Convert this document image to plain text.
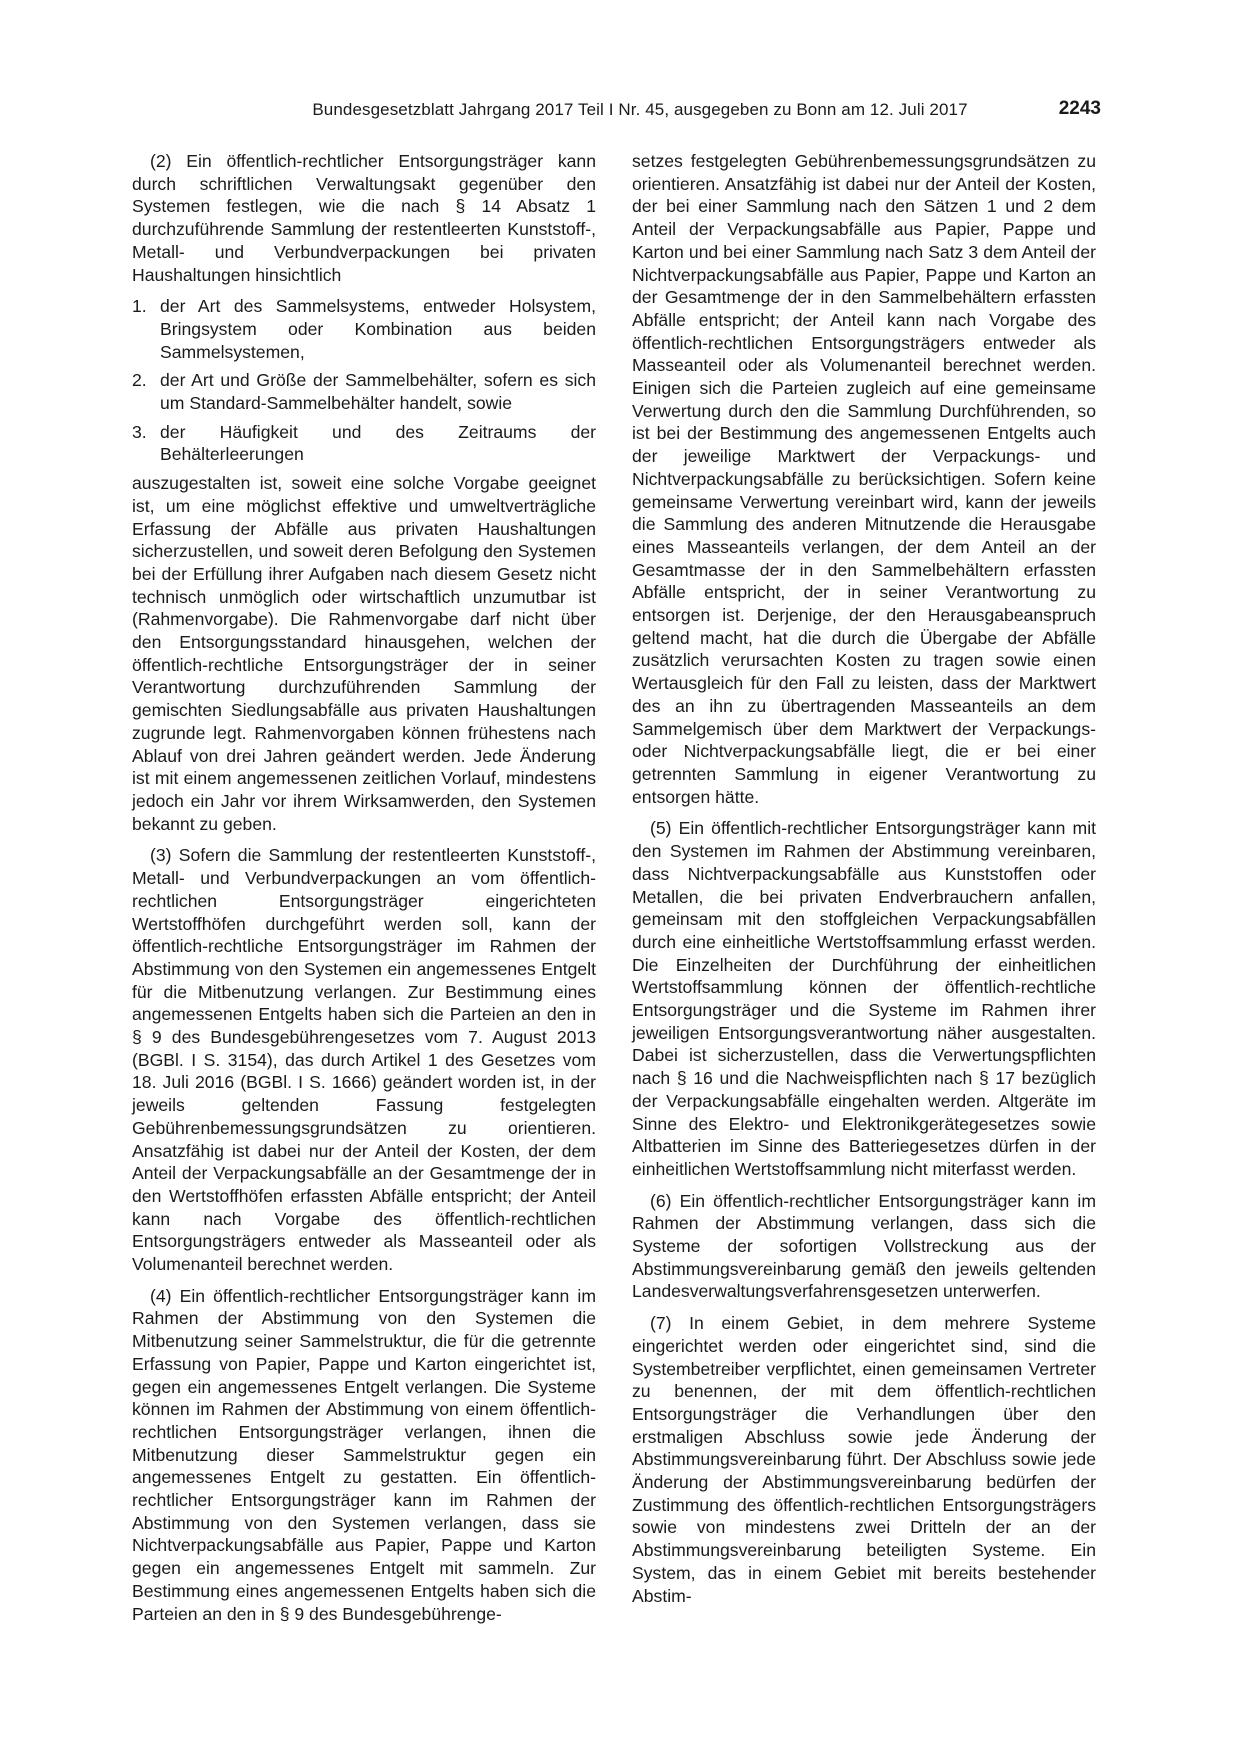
Bundesgesetzblatt Jahrgang 2017 Teil I Nr. 45, ausgegeben zu Bonn am 12. Juli 2017	2243

(2) Ein öffentlich-rechtlicher Entsorgungsträger kann durch schriftlichen Verwaltungsakt gegenüber den Systemen festlegen, wie die nach § 14 Absatz 1 durchzuführende Sammlung der restentleerten Kunststoff-, Metall- und Verbundverpackungen bei privaten Haushaltungen hinsichtlich

1. der Art des Sammelsystems, entweder Holsystem, Bringsystem oder Kombination aus beiden Sammelsystemen,
2. der Art und Größe der Sammelbehälter, sofern es sich um Standard-Sammelbehälter handelt, sowie
3. der Häufigkeit und des Zeitraums der Behälterleerungen

auszugestalten ist, soweit eine solche Vorgabe geeignet ist, um eine möglichst effektive und umweltverträgliche Erfassung der Abfälle aus privaten Haushaltungen sicherzustellen, und soweit deren Befolgung den Systemen bei der Erfüllung ihrer Aufgaben nach diesem Gesetz nicht technisch unmöglich oder wirtschaftlich unzumutbar ist (Rahmenvorgabe). Die Rahmenvorgabe darf nicht über den Entsorgungsstandard hinausgehen, welchen der öffentlich-rechtliche Entsorgungsträger der in seiner Verantwortung durchzuführenden Sammlung der gemischten Siedlungsabfälle aus privaten Haushaltungen zugrunde legt. Rahmenvorgaben können frühestens nach Ablauf von drei Jahren geändert werden. Jede Änderung ist mit einem angemessenen zeitlichen Vorlauf, mindestens jedoch ein Jahr vor ihrem Wirksamwerden, den Systemen bekannt zu geben.

(3) Sofern die Sammlung der restentleerten Kunststoff-, Metall- und Verbundverpackungen an vom öffentlich-rechtlichen Entsorgungsträger eingerichteten Wertstoffhöfen durchgeführt werden soll, kann der öffentlich-rechtliche Entsorgungsträger im Rahmen der Abstimmung von den Systemen ein angemessenes Entgelt für die Mitbenutzung verlangen. Zur Bestimmung eines angemessenen Entgelts haben sich die Parteien an den in § 9 des Bundesgebührengesetzes vom 7. August 2013 (BGBl. I S. 3154), das durch Artikel 1 des Gesetzes vom 18. Juli 2016 (BGBl. I S. 1666) geändert worden ist, in der jeweils geltenden Fassung festgelegten Gebührenbemessungsgrundsätzen zu orientieren. Ansatzfähig ist dabei nur der Anteil der Kosten, der dem Anteil der Verpackungsabfälle an der Gesamtmenge der in den Wertstoffhöfen erfassten Abfälle entspricht; der Anteil kann nach Vorgabe des öffentlich-rechtlichen Entsorgungsträgers entweder als Masseanteil oder als Volumenanteil berechnet werden.

(4) Ein öffentlich-rechtlicher Entsorgungsträger kann im Rahmen der Abstimmung von den Systemen die Mitbenutzung seiner Sammelstruktur, die für die getrennte Erfassung von Papier, Pappe und Karton eingerichtet ist, gegen ein angemessenes Entgelt verlangen. Die Systeme können im Rahmen der Abstimmung von einem öffentlich-rechtlichen Entsorgungsträger verlangen, ihnen die Mitbenutzung dieser Sammelstruktur gegen ein angemessenes Entgelt zu gestatten. Ein öffentlich-rechtlicher Entsorgungsträger kann im Rahmen der Abstimmung von den Systemen verlangen, dass sie Nichtverpackungsabfälle aus Papier, Pappe und Karton gegen ein angemessenes Entgelt mit sammeln. Zur Bestimmung eines angemessenen Entgelts haben sich die Parteien an den in § 9 des Bundesgebührenge-

setzes festgelegten Gebührenbemessungsgrundsätzen zu orientieren. Ansatzfähig ist dabei nur der Anteil der Kosten, der bei einer Sammlung nach den Sätzen 1 und 2 dem Anteil der Verpackungsabfälle aus Papier, Pappe und Karton und bei einer Sammlung nach Satz 3 dem Anteil der Nichtverpackungsabfälle aus Papier, Pappe und Karton an der Gesamtmenge der in den Sammelbehältern erfassten Abfälle entspricht; der Anteil kann nach Vorgabe des öffentlich-rechtlichen Entsorgungsträgers entweder als Masseanteil oder als Volumenanteil berechnet werden. Einigen sich die Parteien zugleich auf eine gemeinsame Verwertung durch den die Sammlung Durchführenden, so ist bei der Bestimmung des angemessenen Entgelts auch der jeweilige Marktwert der Verpackungs- und Nichtverpackungsabfälle zu berücksichtigen. Sofern keine gemeinsame Verwertung vereinbart wird, kann der jeweils die Sammlung des anderen Mitnutzende die Herausgabe eines Masseanteils verlangen, der dem Anteil an der Gesamtmasse der in den Sammelbehältern erfassten Abfälle entspricht, der in seiner Verantwortung zu entsorgen ist. Derjenige, der den Herausgabeanspruch geltend macht, hat die durch die Übergabe der Abfälle zusätzlich verursachten Kosten zu tragen sowie einen Wertausgleich für den Fall zu leisten, dass der Marktwert des an ihn zu übertragenden Masseanteils an dem Sammelgemisch über dem Marktwert der Verpackungs- oder Nichtverpackungsabfälle liegt, die er bei einer getrennten Sammlung in eigener Verantwortung zu entsorgen hätte.

(5) Ein öffentlich-rechtlicher Entsorgungsträger kann mit den Systemen im Rahmen der Abstimmung vereinbaren, dass Nichtverpackungsabfälle aus Kunststoffen oder Metallen, die bei privaten Endverbrauchern anfallen, gemeinsam mit den stoffgleichen Verpackungsabfällen durch eine einheitliche Wertstoffsammlung erfasst werden. Die Einzelheiten der Durchführung der einheitlichen Wertstoffsammlung können der öffentlich-rechtliche Entsorgungsträger und die Systeme im Rahmen ihrer jeweiligen Entsorgungsverantwortung näher ausgestalten. Dabei ist sicherzustellen, dass die Verwertungspflichten nach § 16 und die Nachweispflichten nach § 17 bezüglich der Verpackungsabfälle eingehalten werden. Altgeräte im Sinne des Elektro- und Elektronikgerätegesetzes sowie Altbatterien im Sinne des Batteriegesetzes dürfen in der einheitlichen Wertstoffsammlung nicht miterfasst werden.

(6) Ein öffentlich-rechtlicher Entsorgungsträger kann im Rahmen der Abstimmung verlangen, dass sich die Systeme der sofortigen Vollstreckung aus der Abstimmungsvereinbarung gemäß den jeweils geltenden Landesverwaltungsverfahrensgesetzen unterwerfen.

(7) In einem Gebiet, in dem mehrere Systeme eingerichtet werden oder eingerichtet sind, sind die Systembetreiber verpflichtet, einen gemeinsamen Vertreter zu benennen, der mit dem öffentlich-rechtlichen Entsorgungsträger die Verhandlungen über den erstmaligen Abschluss sowie jede Änderung der Abstimmungsvereinbarung führt. Der Abschluss sowie jede Änderung der Abstimmungsvereinbarung bedürfen der Zustimmung des öffentlich-rechtlichen Entsorgungsträgers sowie von mindestens zwei Dritteln der an der Abstimmungsvereinbarung beteiligten Systeme. Ein System, das in einem Gebiet mit bereits bestehender Abstim-
